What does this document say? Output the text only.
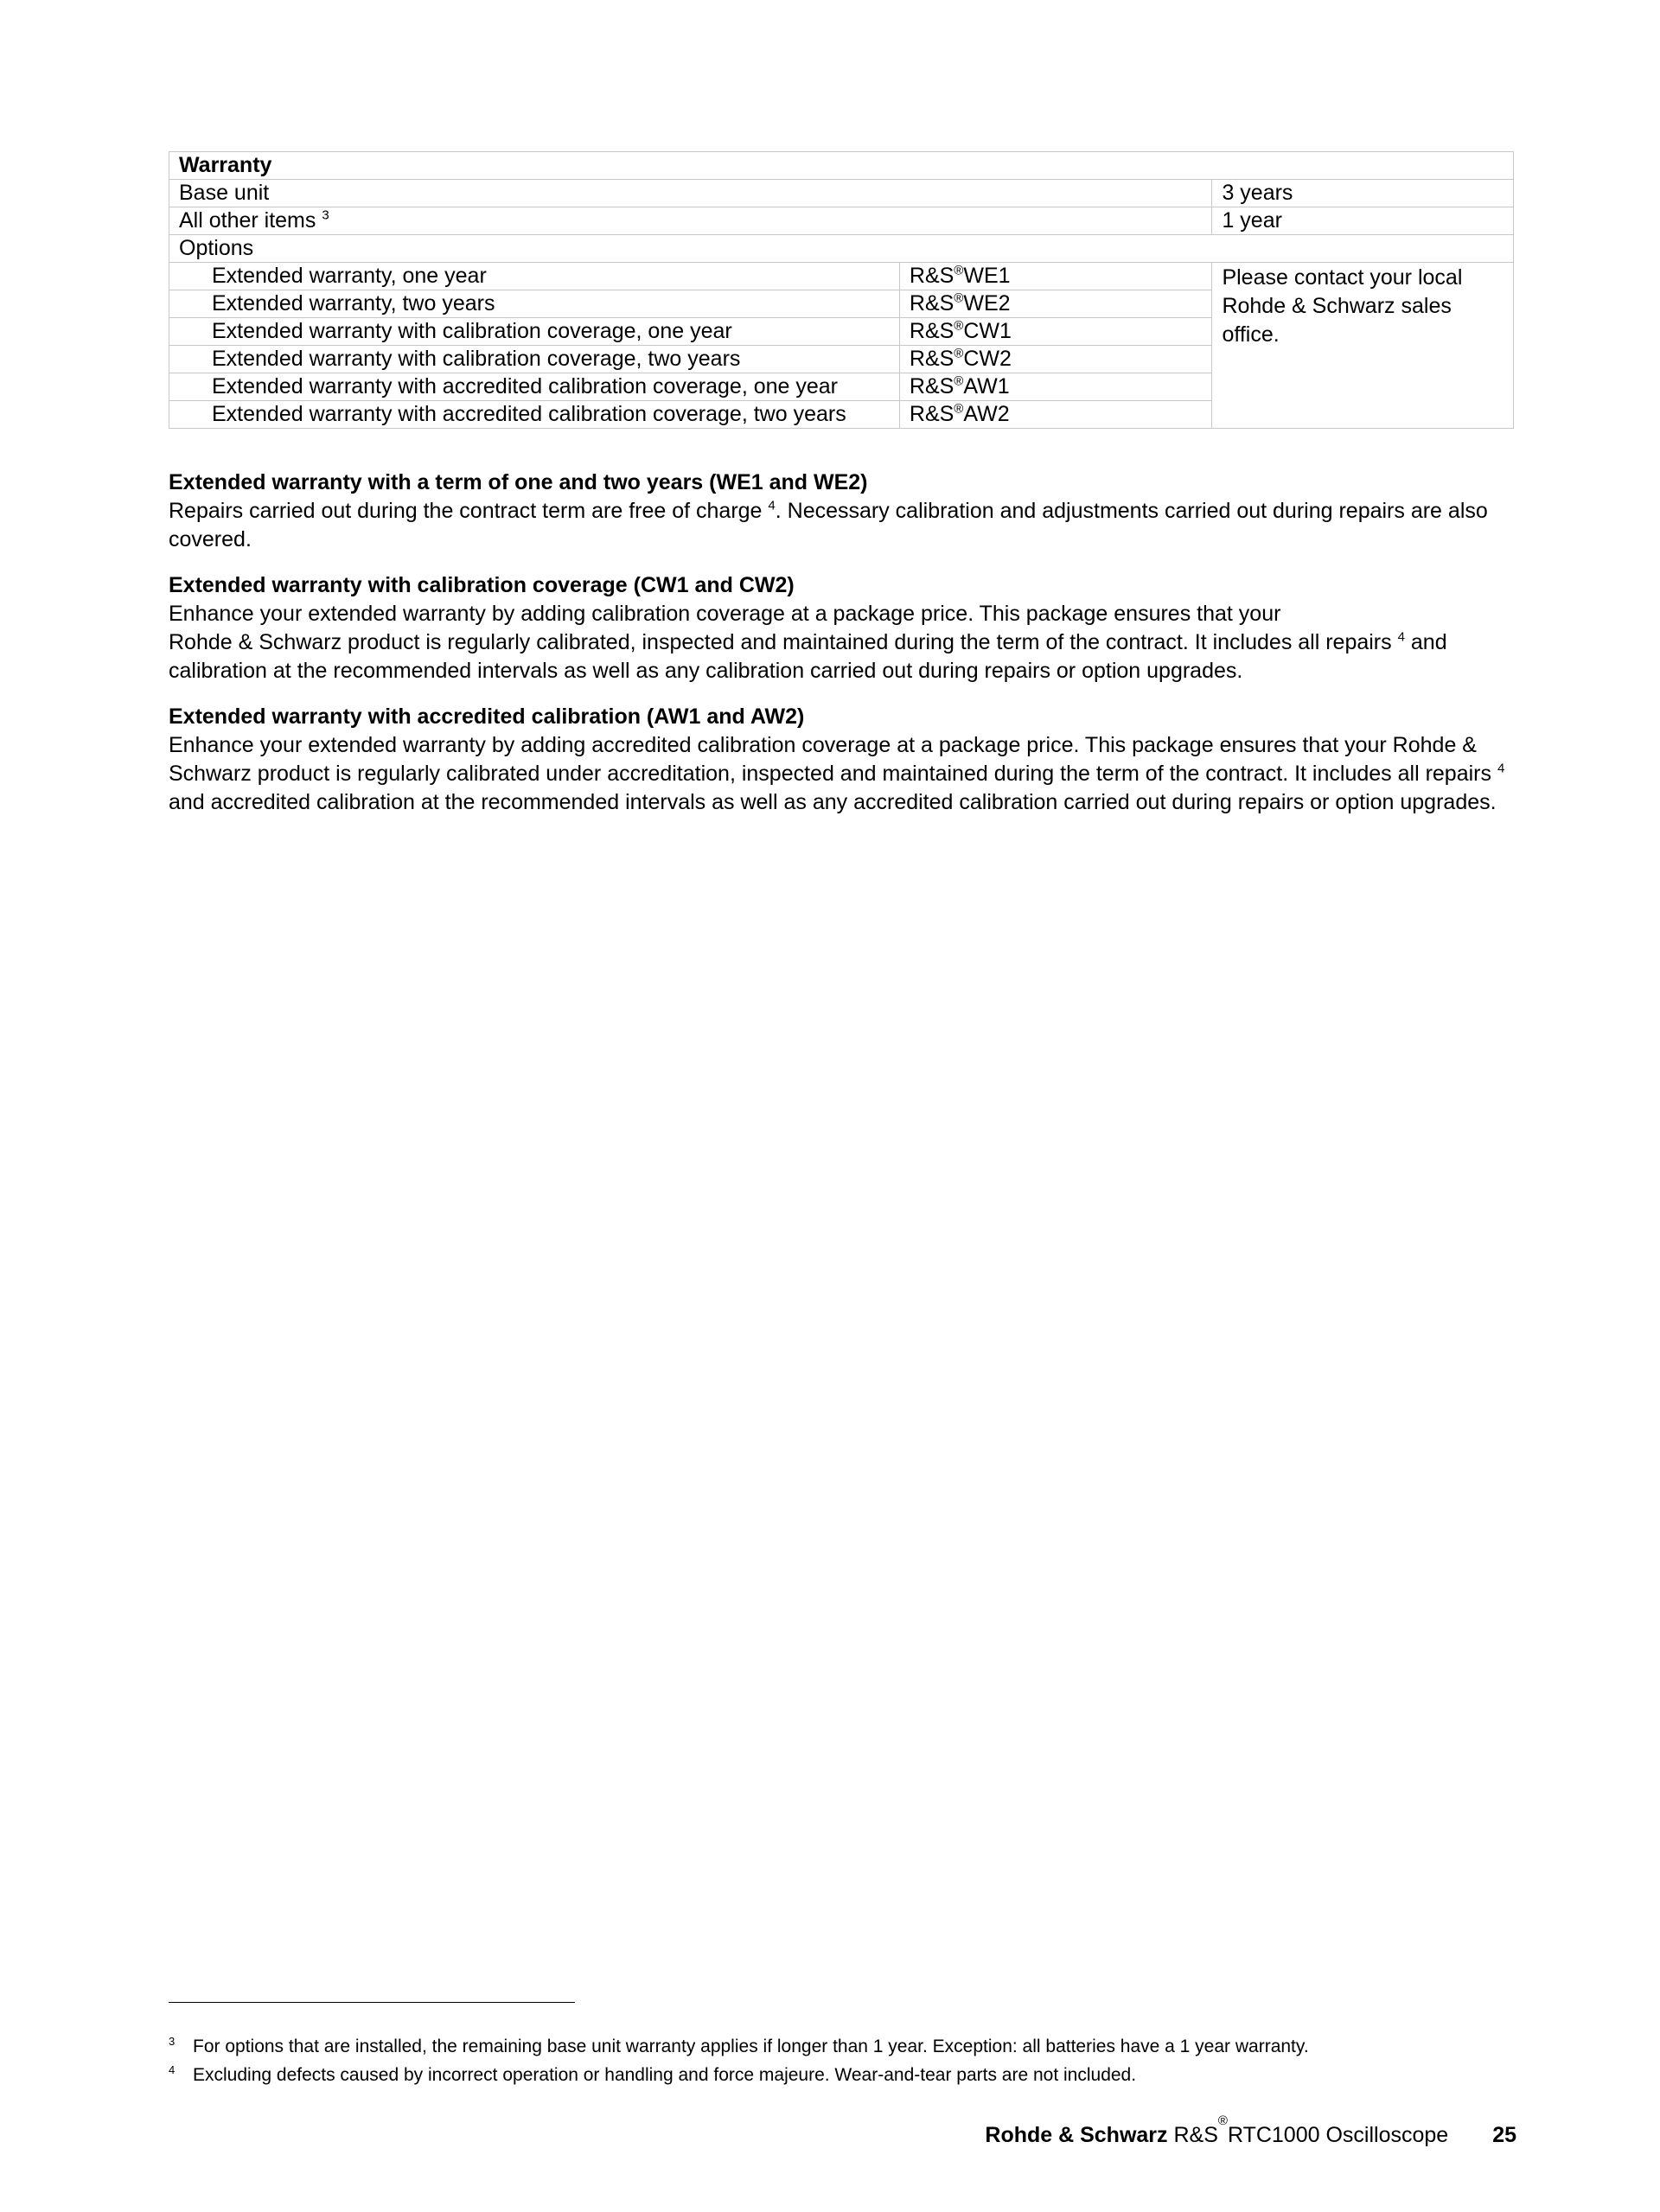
Warranty		
Base unit		3 years
All other items $^3$		1 year
Options		
Extended warranty, one year	R&S®WE1	Please contact your local Rohde & Schwarz sales office.
Extended warranty, two years	R&S®WE2	
Extended warranty with calibration coverage, one year	R&S®CW1	
Extended warranty with calibration coverage, two years	R&S®CW2	
Extended warranty with accredited calibration coverage, one year	R&S®AW1	
Extended warranty with accredited calibration coverage, two years	R&S®AW2	
Extended warranty with a term of one and two years (WE1 and WE2)

Repairs carried out during the contract term are free of charge $^4$. Necessary calibration and adjustments carried out during repairs are also covered.

Extended warranty with calibration coverage (CW1 and CW2)

Enhance your extended warranty by adding calibration coverage at a package price. This package ensures that your

Rohde & Schwarz product is regularly calibrated, inspected and maintained during the term of the contract. It includes all repairs $^4$ and calibration at the recommended intervals as well as any calibration carried out during repairs or option upgrades.

Extended warranty with accredited calibration (AW1 and AW2)

Enhance your extended warranty by adding accredited calibration coverage at a package price. This package ensures that your Rohde & Schwarz product is regularly calibrated under accreditation, inspected and maintained during the term of the contract. It includes all repairs $^4$ and accredited calibration at the recommended intervals as well as any accredited calibration carried out during repairs or option upgrades.

3 For options that are installed, the remaining base unit warranty applies if longer than 1 year. Exception: all batteries have a 1 year warranty.
4 Excluding defects caused by incorrect operation or handling and force majeure. Wear-and-tear parts are not included.
Rohde & Schwarz
R&S
®
RTC1000 Oscilloscope 25
